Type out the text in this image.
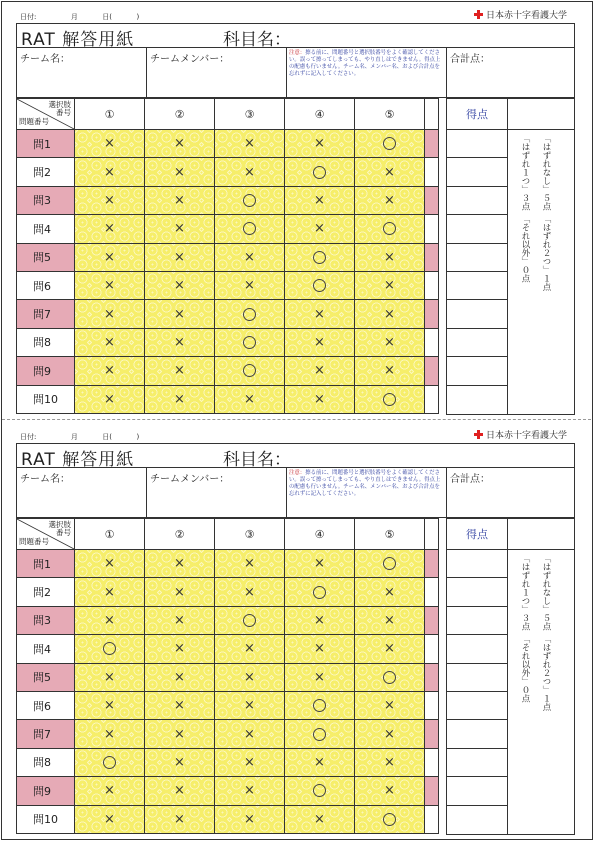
日付:	月	日(	)	日本赤十字看護大学
RAT 解答用紙	科目名：
チーム名：	チームメンバー：
注意：擦る前に、問題番号と選択肢番号をよく確認してください。誤って擦ってしまっても、やり直しはできません。得点上の配慮も行いません。チーム名、メンバー名、および合計点を忘れずに記入してください。
合計点：
選択肢
番号
問題番号	①	②	③	④	⑤	
問1	×	×	×	×		
問2	×	×	×		×	
問3	×	×		×	×	
問4	×	×		×		
問5	×	×	×		×	
問6	×	×	×		×	
問7	×	×		×	×	
問8	×	×		×	×	
問9	×	×		×	×	
問10	×	×	×	×		
得点
「はずれなし」５点　「はずれ２つ」１点
「はずれ１つ」３点　「それ以外」０点
日付:	月	日(	)	日本赤十字看護大学
RAT 解答用紙	科目名：
チーム名：	チームメンバー：
注意：擦る前に、問題番号と選択肢番号をよく確認してください。誤って擦ってしまっても、やり直しはできません。得点上の配慮も行いません。チーム名、メンバー名、および合計点を忘れずに記入してください。
合計点：
選択肢
番号
問題番号	①	②	③	④	⑤	
問1	×	×	×	×		
問2	×	×	×		×	
問3	×	×		×	×	
問4		×	×	×	×	
問5	×	×	×	×		
問6	×	×	×		×	
問7	×	×	×		×	
問8		×	×	×	×	
問9	×	×	×		×	
問10	×	×	×	×		
得点
「はずれなし」５点　「はずれ２つ」１点
「はずれ１つ」３点　「それ以外」０点
